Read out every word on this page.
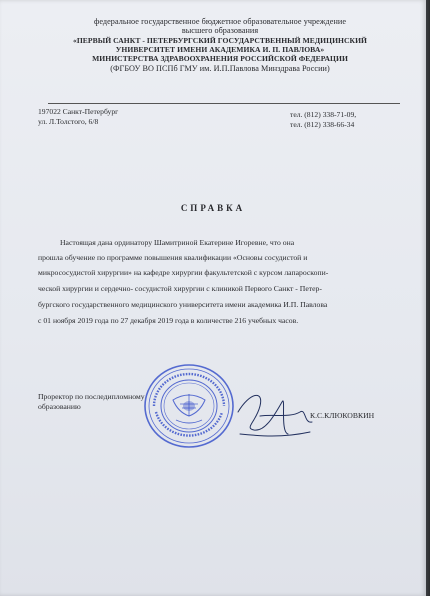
федеральное государственное бюджетное образовательное учреждение
высшего образования
«ПЕРВЫЙ САНКТ - ПЕТЕРБУРГСКИЙ ГОСУДАРСТВЕННЫЙ МЕДИЦИНСКИЙ
УНИВЕРСИТЕТ ИМЕНИ АКАДЕМИКА И. П. ПАВЛОВА»
МИНИСТЕРСТВА ЗДРАВООХРАНЕНИЯ РОССИЙСКОЙ ФЕДЕРАЦИИ
(ФГБОУ ВО ПСПб ГМУ им. И.П.Павлова Минздрава России)
197022 Санкт-Петербург
ул. Л.Толстого, 6/8
тел. (812) 338-71-09,
тел. (812) 338-66-34
СПРАВКА
Настоящая дана ординатору Шамитриной Екатерине Игоревне, что она
прошла обучение по программе повышения квалификации «Основы сосудистой и
микрососудистой хирургии» на кафедре хирургии факультетской с курсом лапароскопи-
ческой хирургии и сердечно- сосудистой хирургии с клиникой Первого Санкт - Петер-
бургского государственного медицинского университета имени академика И.П. Павлова
с 01 ноября 2019 года по 27 декабря 2019 года в количестве 216 учебных часов.
Проректор по последипломному
образованию
К.С.КЛЮКОВКИН
